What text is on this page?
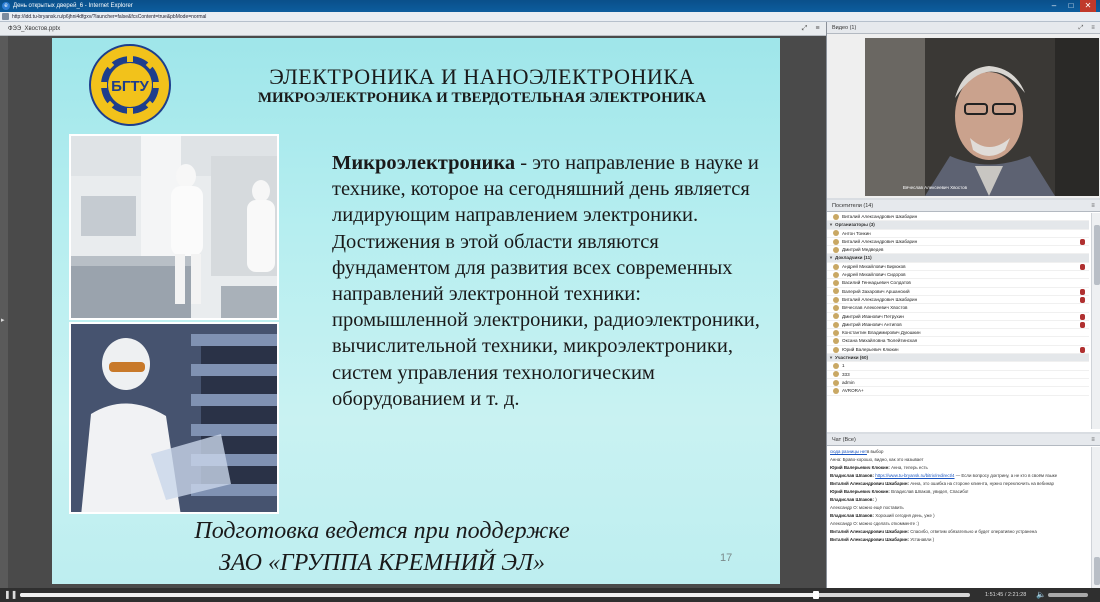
e День открытых дверей_6 - Internet Explorer	–	□	✕
http://idd.tu-bryansk.ru/p6jhni4dfgxv/?launcher=false&fcsContent=true&pbMode=normal
ФЭЭ_Хвостов.pptx	⤢	≡
▸
БГТУ	ЭЛЕКТРОНИКА И НАНОЭЛЕКТРОНИКА
МИКРОЭЛЕКТРОНИКА И ТВЕРДОТЕЛЬНАЯ ЭЛЕКТРОНИКА
Микроэлектроника - это направление в науке и технике, которое на сегодняшний день является лидирующим направлением электроники. Достижения в этой области являются фундаментом для развития всех современных направлений электронной техники: промышленной электроники, радиоэлектроники, вычислительной техники, микроэлектроники, систем управления технологическим оборудованием и т. д.
Подготовка ведется при поддержке
ЗАО «ГРУППА КРЕМНИЙ ЭЛ»	17
Видео (1)	⤢	≡
Вячеслав Алексеевич Хвостов
Посетители (14)	≡
Виталий Александрович Шкабарин
▾ Организаторы (3)
Антон Тонкин
Виталий Александрович Шкабарин
Дмитрий Медведев
▾ Докладчики (11)
Андрей Михайлович Бирюков
Андрей Михайлович Сидоров
Василий Геннадьевич Солдатов
Валерий Захарович Аршанский
Виталий Александрович Шкабарин
Вячеслав Алексеевич Хвостов
Дмитрий Иванович Петрухин
Дмитрий Иванович Антипов
Константин Владимирович Дуюшкин
Оксана Михайловна Тюлейтинская
Юрий Валерьевич Клюкин
▾ Участники (60)
1
333
admin
AVRORA+
Чат (Все)	≡
сюда разницы нетв выбор
Анна: Браво-хорошо, видно, как это называет
Юрий Валерьевич Клюкин: Анна, теперь есть
Владислав Шпаков: https://www.tu-bryansk.ru/bitrix/redirect/4 — Если вопросу доктрину, а не кто в своём языке
Виталий Александрович Шкабарин: Анна, это ошибка на стороне клиента, нужно переключить на вебинар
Юрий Валерьевич Клюкин: Владислав Шпаков, увидел, Спасибо!
Владислав Шпаков: )
Александр О: можно ещё поставить
Владислав Шпаков: Хороший сегодня день, уже )
Александр О: можно сделать откомменте :)
Виталий Александрович Шкабарин: Спасибо, ответим обязательно и будет оперативно устранена
Виталий Александрович Шкабарин: Устанавли )
❚❚	1:51:45 / 2:21:28 🔈
